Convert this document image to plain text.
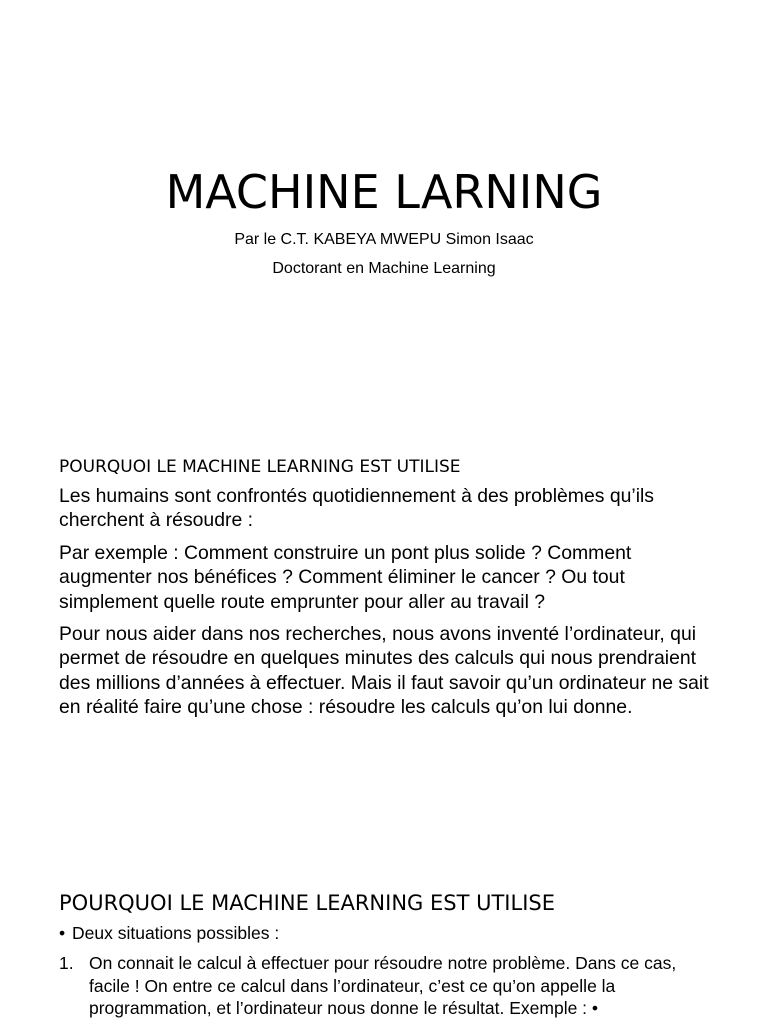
MACHINE LARNING

Par le C.T. KABEYA MWEPU Simon Isaac

Doctorant en Machine Learning

POURQUOI LE MACHINE LEARNING EST UTILISE

Les humains sont confrontés quotidiennement à des problèmes qu’ils cherchent à résoudre :

Par exemple : Comment construire un pont plus solide ? Comment augmenter nos bénéfices ? Comment éliminer le cancer ? Ou tout simplement quelle route emprunter pour aller au travail ?

Pour nous aider dans nos recherches, nous avons inventé l’ordinateur, qui permet de résoudre en quelques minutes des calculs qui nous prendraient des millions d’années à effectuer. Mais il faut savoir qu’un ordinateur ne sait en réalité faire qu’une chose : résoudre les calculs qu’on lui donne.

POURQUOI LE MACHINE LEARNING EST UTILISE
• Deux situations possibles :
1. On connait le calcul à effectuer pour résoudre notre problème. Dans ce cas, facile ! On entre ce calcul dans l’ordinateur, c’est ce qu’on appelle la programmation, et l’ordinateur nous donne le résultat. Exemple : •
